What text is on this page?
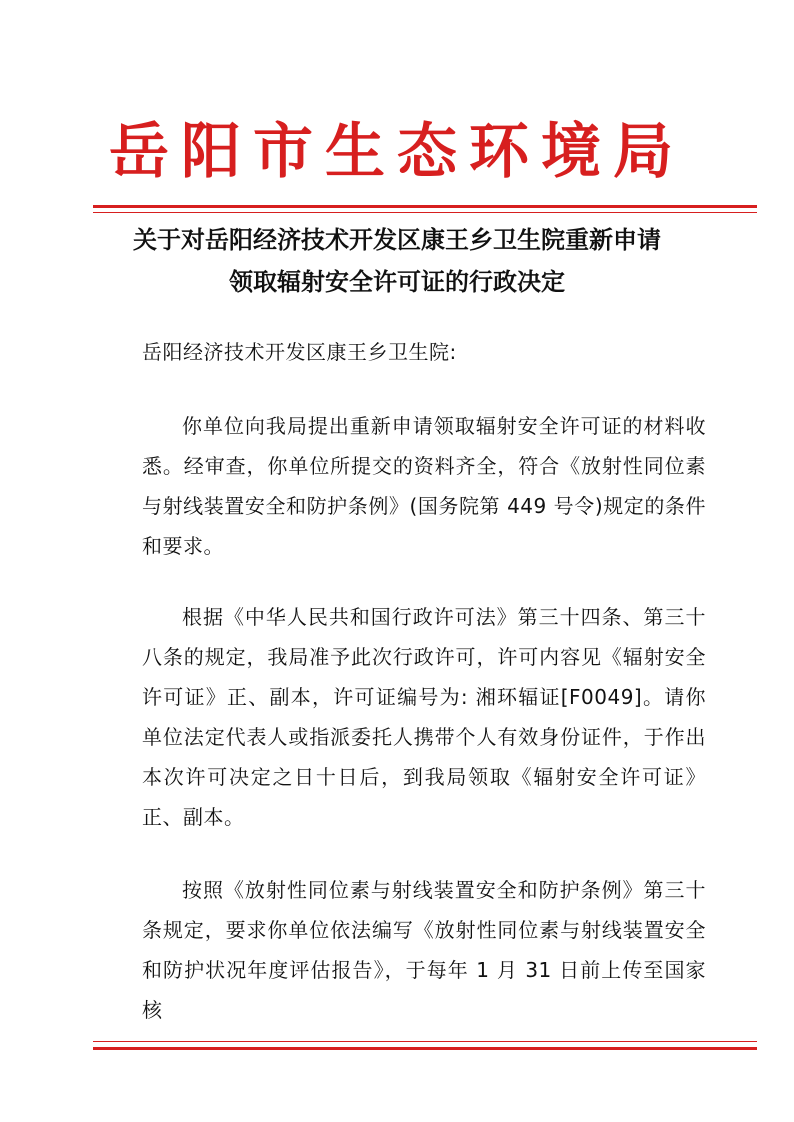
岳阳市生态环境局
关于对岳阳经济技术开发区康王乡卫生院重新申请
领取辐射安全许可证的行政决定
岳阳经济技术开发区康王乡卫生院:

你单位向我局提出重新申请领取辐射安全许可证的材料收悉。经审查，你单位所提交的资料齐全，符合《放射性同位素与射线装置安全和防护条例》(国务院第 449 号令)规定的条件和要求。

根据《中华人民共和国行政许可法》第三十四条、第三十八条的规定，我局准予此次行政许可，许可内容见《辐射安全许可证》正、副本，许可证编号为: 湘环辐证[F0049]。请你单位法定代表人或指派委托人携带个人有效身份证件，于作出本次许可决定之日十日后，到我局领取《辐射安全许可证》正、副本。

按照《放射性同位素与射线装置安全和防护条例》第三十条规定，要求你单位依法编写《放射性同位素与射线装置安全和防护状况年度评估报告》，于每年 1 月 31 日前上传至国家核
